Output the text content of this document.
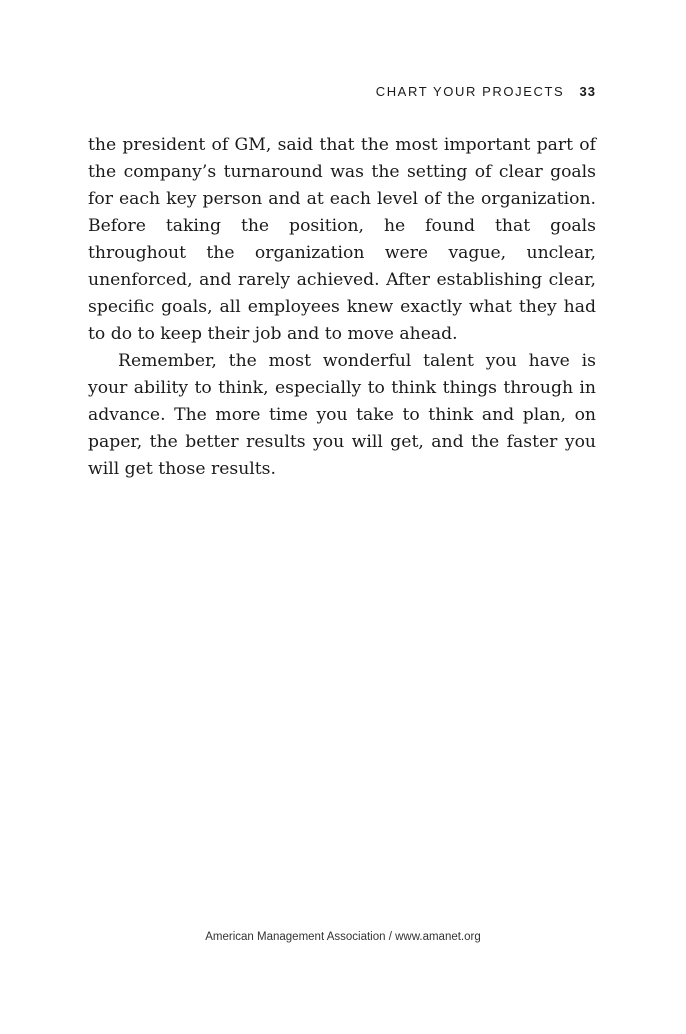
CHART YOUR PROJECTS 33

the president of GM, said that the most important part of the company’s turnaround was the setting of clear goals for each key person and at each level of the organization. Before taking the position, he found that goals throughout the organization were vague, unclear, unenforced, and rarely achieved. After establishing clear, specific goals, all employees knew exactly what they had to do to keep their job and to move ahead.

Remember, the most wonderful talent you have is your ability to think, especially to think things through in advance. The more time you take to think and plan, on paper, the better results you will get, and the faster you will get those results.

American Management Association / www.amanet.org
